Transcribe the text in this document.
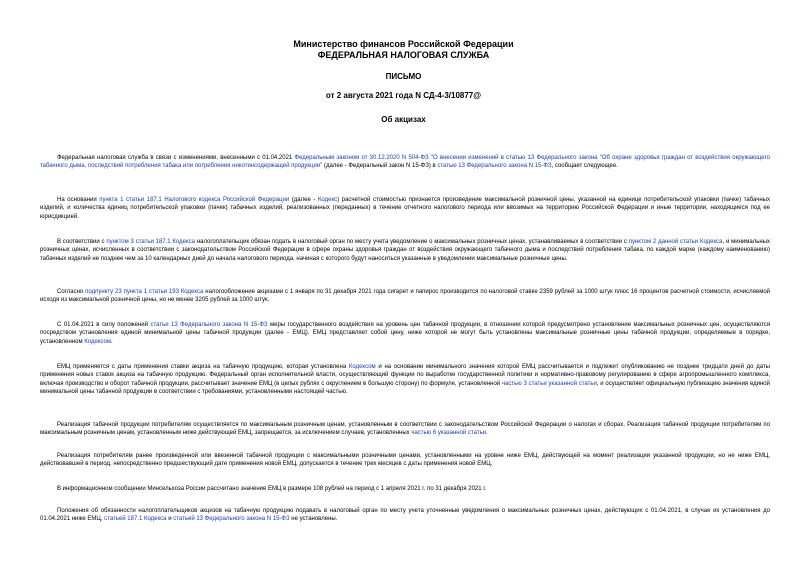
Министерство финансов Российской Федерации
ФЕДЕРАЛЬНАЯ НАЛОГОВАЯ СЛУЖБА
ПИСЬМО
от 2 августа 2021 года N СД-4-3/10877@
Об акцизах
Федеральная налоговая служба в связи с изменениями, внесенными с 01.04.2021 Федеральным законом от 30.12.2020 N 504-ФЗ "О внесении изменений в статью 13 Федерального закона "Об охране здоровья граждан от воздействия окружающего табачного дыма, последствий потребления табака или потребления никотинсодержащей продукции" (далее - Федеральный закон N 15-ФЗ) в статью 13 Федерального закона N 15-ФЗ, сообщает следующее.
На основании пункта 1 статьи 187.1 Налогового кодекса Российской Федерации (далее - Кодекс) расчетной стоимостью признается произведение максимальной розничной цены, указанной на единице потребительской упаковки (пачке) табачных изделий, и количества единиц потребительской упаковки (пачек) табачных изделий, реализованных (переданных) в течение отчетного налогового периода или ввозимых на территорию Российской Федерации и иные территории, находящиеся под ее юрисдикцией.
В соответствии с пунктом 3 статьи 187.1 Кодекса налогоплательщик обязан подать в налоговый орган по месту учета уведомление о максимальных розничных ценах, устанавливаемых в соответствии с пунктом 2 данной статьи Кодекса, и минимальных розничных ценах, исчисленных в соответствии с законодательством Российской Федерации в сфере охраны здоровья граждан от воздействия окружающего табачного дыма и последствий потребления табака, по каждой марке (каждому наименованию) табачных изделий не позднее чем за 10 календарных дней до начала налогового периода, начиная с которого будут наноситься указанные в уведомлении максимальные розничные цены.
Согласно подпункту 23 пункта 1 статьи 193 Кодекса налогообложение акцизами с 1 января по 31 декабря 2021 года сигарет и папирос производится по налоговой ставке 2359 рублей за 1000 штук плюс 16 процентов расчетной стоимости, исчисляемой исходя из максимальной розничной цены, но не менее 3205 рублей за 1000 штук.
С 01.04.2021 в силу положений статьи 13 Федерального закона N 15-ФЗ меры государственного воздействия на уровень цен табачной продукции, в отношении которой предусмотрено установление максимальных розничных цен, осуществляются посредством установления единой минимальной цены табачной продукции (далее - ЕМЦ). ЕМЦ представляет собой цену, ниже которой не могут быть установлены максимальные розничные цены табачной продукции, определяемые в порядке, установленном Кодексом.
ЕМЦ применяется с даты применения ставки акциза на табачную продукцию, которая установлена Кодексом и на основании минимального значения которой ЕМЦ рассчитывается и подлежит опубликованию не позднее тридцати дней до даты применения новых ставок акциза на табачную продукцию. Федеральный орган исполнительной власти, осуществляющий функции по выработке государственной политики и нормативно-правовому регулированию в сфере агропромышленного комплекса, включая производство и оборот табачной продукции, рассчитывает значение ЕМЦ (в целых рублях с округлением в большую сторону) по формуле, установленной частью 3 статьи указанной статьи, и осуществляет официальную публикацию значения единой минимальной цены табачной продукции в соответствии с требованиями, установленными настоящей частью.
Реализация табачной продукции потребителям осуществляется по максимальным розничным ценам, установленным в соответствии с законодательством Российской Федерации о налогах и сборах. Реализация табачной продукции потребителям по максимальным розничным ценам, установленным ниже действующей ЕМЦ, запрещается, за исключением случаев, установленных частью 6 указанной статьи.
Реализация потребителям ранее произведенной или ввезенной табачной продукции с максимальными розничными ценами, установленными на уровне ниже ЕМЦ, действующей на момент реализации указанной продукции, но не ниже ЕМЦ, действовавшей в период, непосредственно предшествующий дате применения новой ЕМЦ, допускается в течение трех месяцев с даты применения новой ЕМЦ.
В информационном сообщении Минсельхоза России рассчитано значение ЕМЦ в размере 108 рублей на период с 1 апреля 2021 г. по 31 декабря 2021 г.
Положения об обязанности налогоплательщиков акцизов на табачную продукцию подавать в налоговый орган по месту учета уточненные уведомления о максимальных розничных ценах, действующих с 01.04.2021, в случае их установления до 01.04.2021 ниже ЕМЦ, статьей 187.1 Кодекса и статьей 13 Федерального закона N 15-ФЗ не установлены.
